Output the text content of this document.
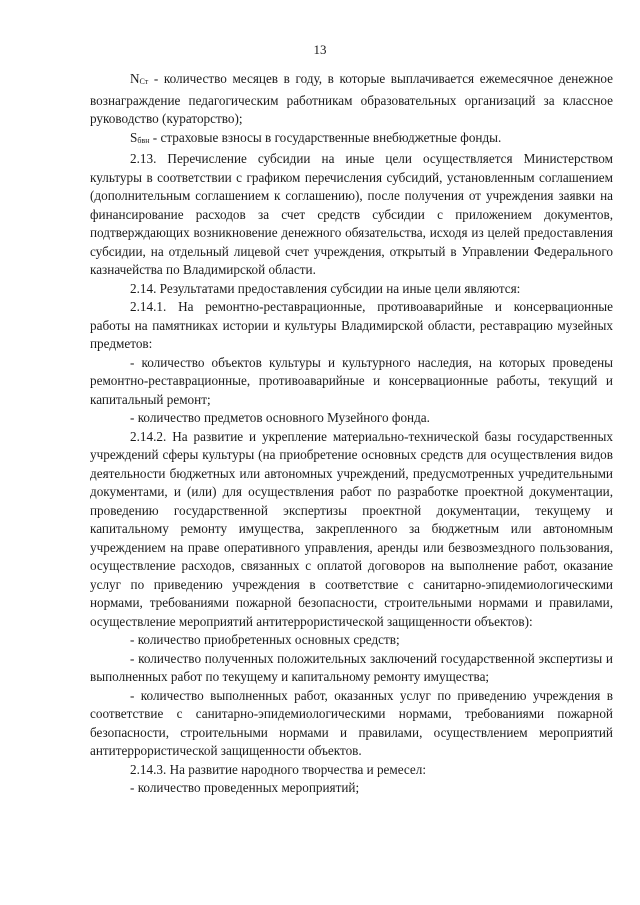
13

NСт - количество месяцев в году, в которые выплачивается ежемесячное денежное вознаграждение педагогическим работникам образовательных организаций за классное руководство (кураторство);

Sбвн - страховые взносы в государственные внебюджетные фонды.

2.13. Перечисление субсидии на иные цели осуществляется Министерством культуры в соответствии с графиком перечисления субсидий, установленным соглашением (дополнительным соглашением к соглашению), после получения от учреждения заявки на финансирование расходов за счет средств субсидии с приложением документов, подтверждающих возникновение денежного обязательства, исходя из целей предоставления субсидии, на отдельный лицевой счет учреждения, открытый в Управлении Федерального казначейства по Владимирской области.

2.14. Результатами предоставления субсидии на иные цели являются:

2.14.1. На ремонтно-реставрационные, противоаварийные и консервационные работы на памятниках истории и культуры Владимирской области, реставрацию музейных предметов:

- количество объектов культуры и культурного наследия, на которых проведены ремонтно-реставрационные, противоаварийные и консервационные работы, текущий и капитальный ремонт;

- количество предметов основного Музейного фонда.

2.14.2. На развитие и укрепление материально-технической базы государственных учреждений сферы культуры (на приобретение основных средств для осуществления видов деятельности бюджетных или автономных учреждений, предусмотренных учредительными документами, и (или) для осуществления работ по разработке проектной документации, проведению государственной экспертизы проектной документации, текущему и капитальному ремонту имущества, закрепленного за бюджетным или автономным учреждением на праве оперативного управления, аренды или безвозмездного пользования, осуществление расходов, связанных с оплатой договоров на выполнение работ, оказание услуг по приведению учреждения в соответствие с санитарно-эпидемиологическими нормами, требованиями пожарной безопасности, строительными нормами и правилами, осуществление мероприятий антитеррористической защищенности объектов):

- количество приобретенных основных средств;

- количество полученных положительных заключений государственной экспертизы и выполненных работ по текущему и капитальному ремонту имущества;

- количество выполненных работ, оказанных услуг по приведению учреждения в соответствие с санитарно-эпидемиологическими нормами, требованиями пожарной безопасности, строительными нормами и правилами, осуществлением мероприятий антитеррористической защищенности объектов.

2.14.3. На развитие народного творчества и ремесел:

- количество проведенных мероприятий;
